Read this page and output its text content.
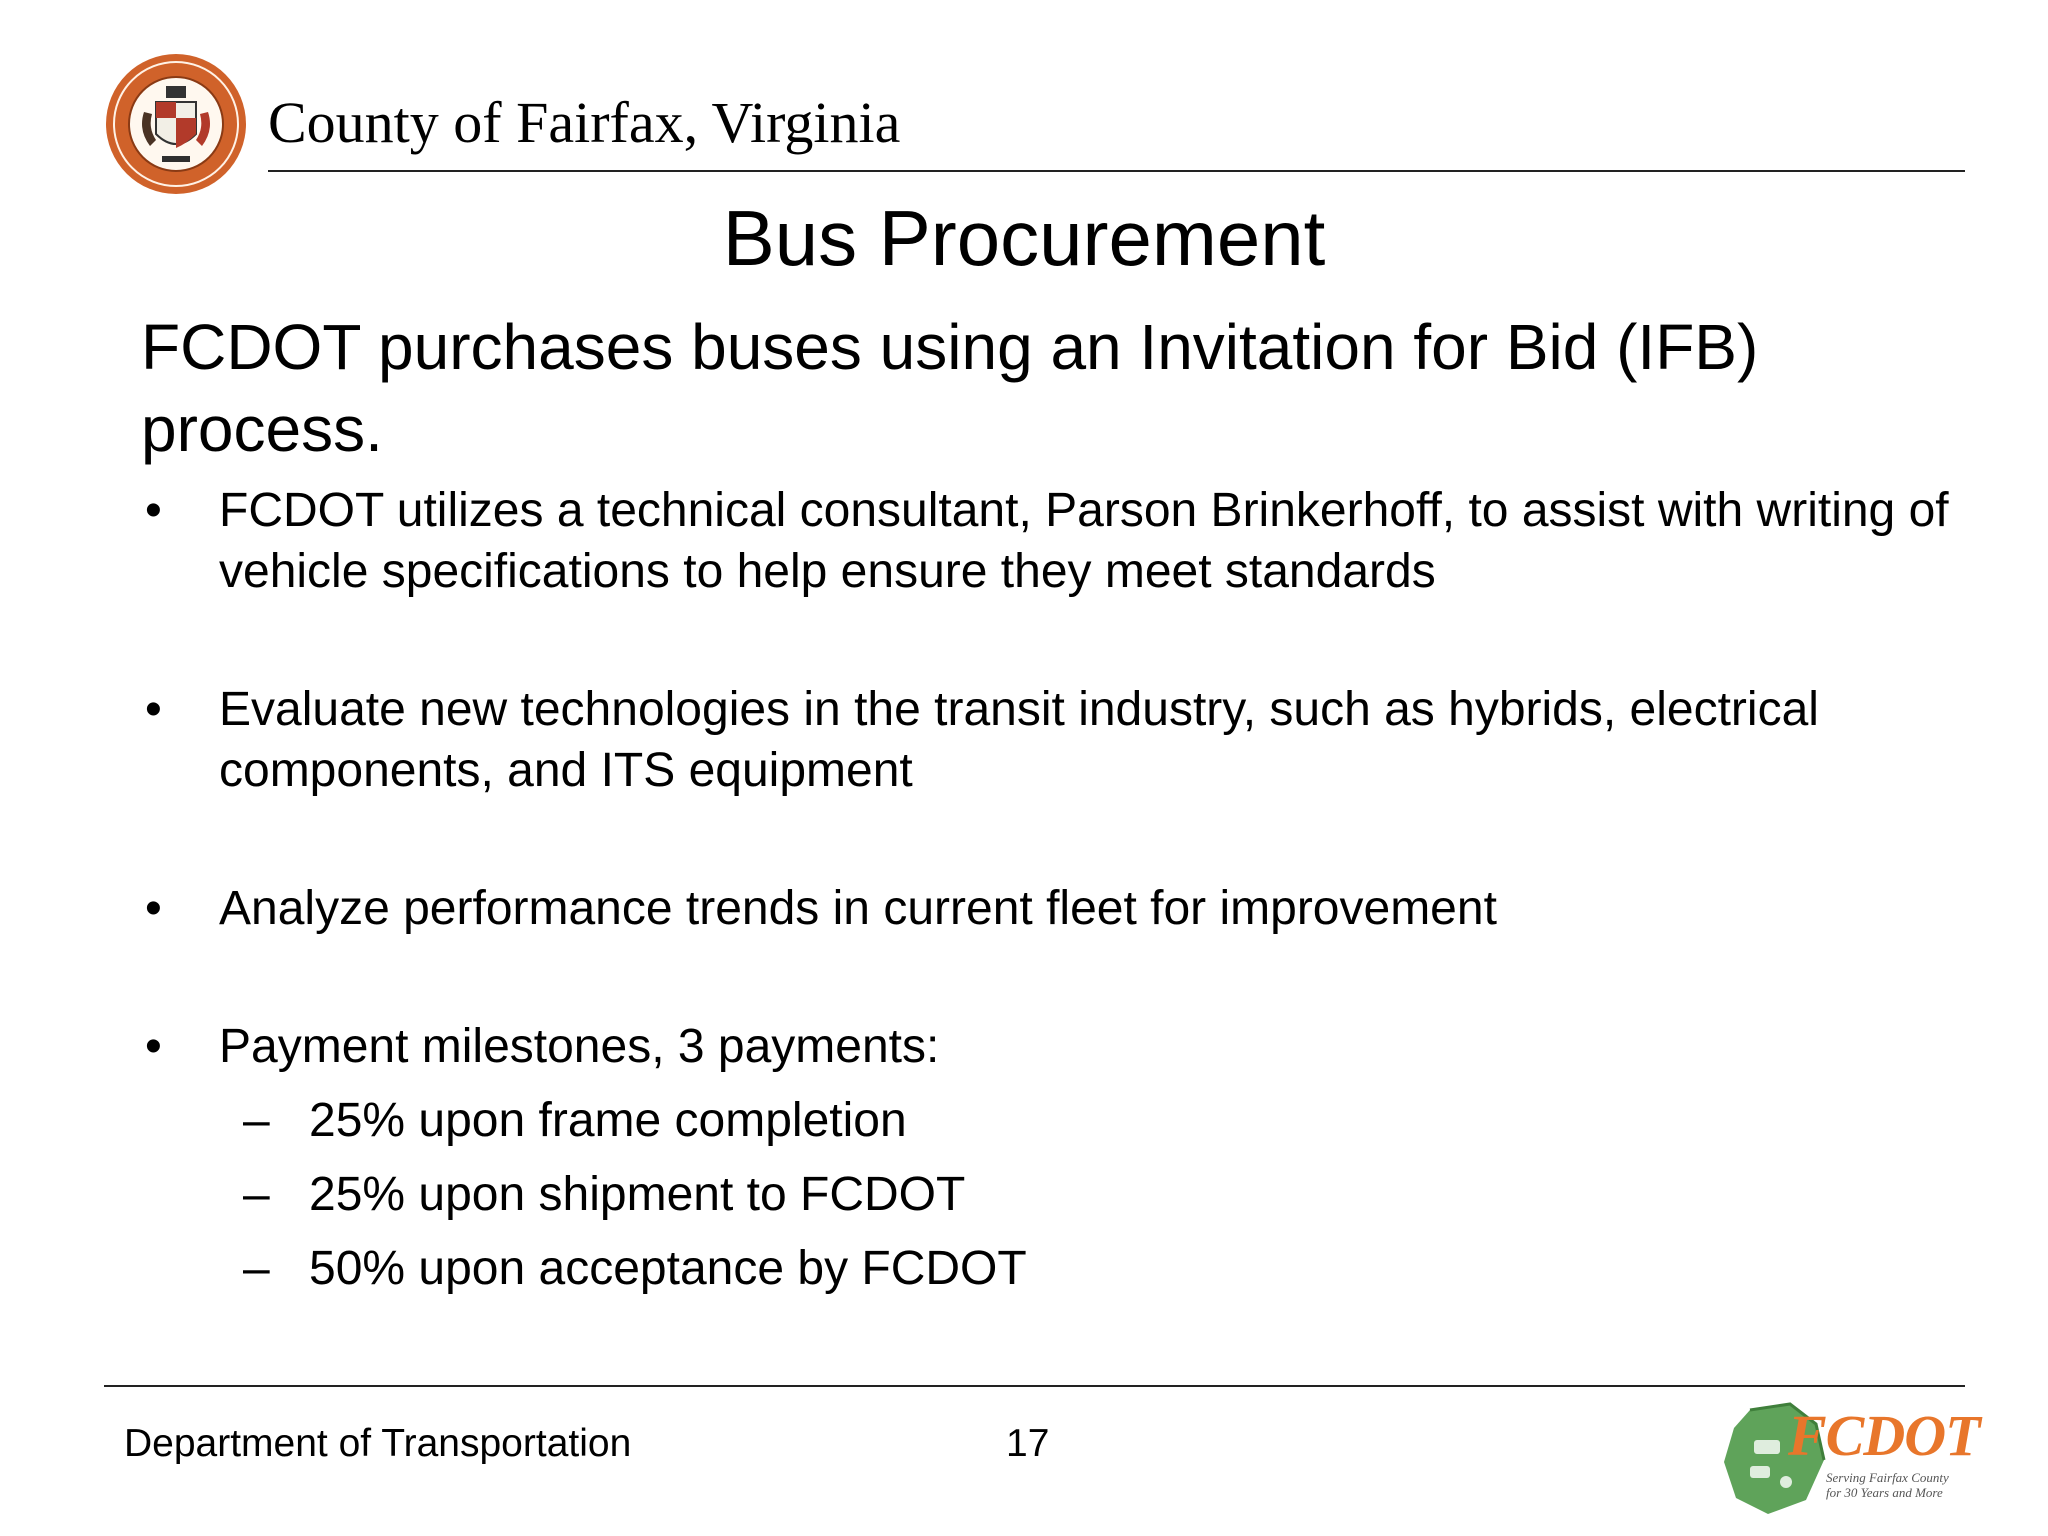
County of Fairfax, Virginia
Bus Procurement

FCDOT purchases buses using an Invitation for Bid (IFB) process.

• FCDOT utilizes a technical consultant, Parson Brinkerhoff, to assist with writing of vehicle specifications to help ensure they meet standards
• Evaluate new technologies in the transit industry, such as hybrids, electrical components, and ITS equipment
• Analyze performance trends in current fleet for improvement
• Payment milestones, 3 payments:
– 25% upon frame completion
– 25% upon shipment to FCDOT
– 50% upon acceptance by FCDOT
Department of Transportation	17	FCDOT
Serving Fairfax County for 30 Years and More
